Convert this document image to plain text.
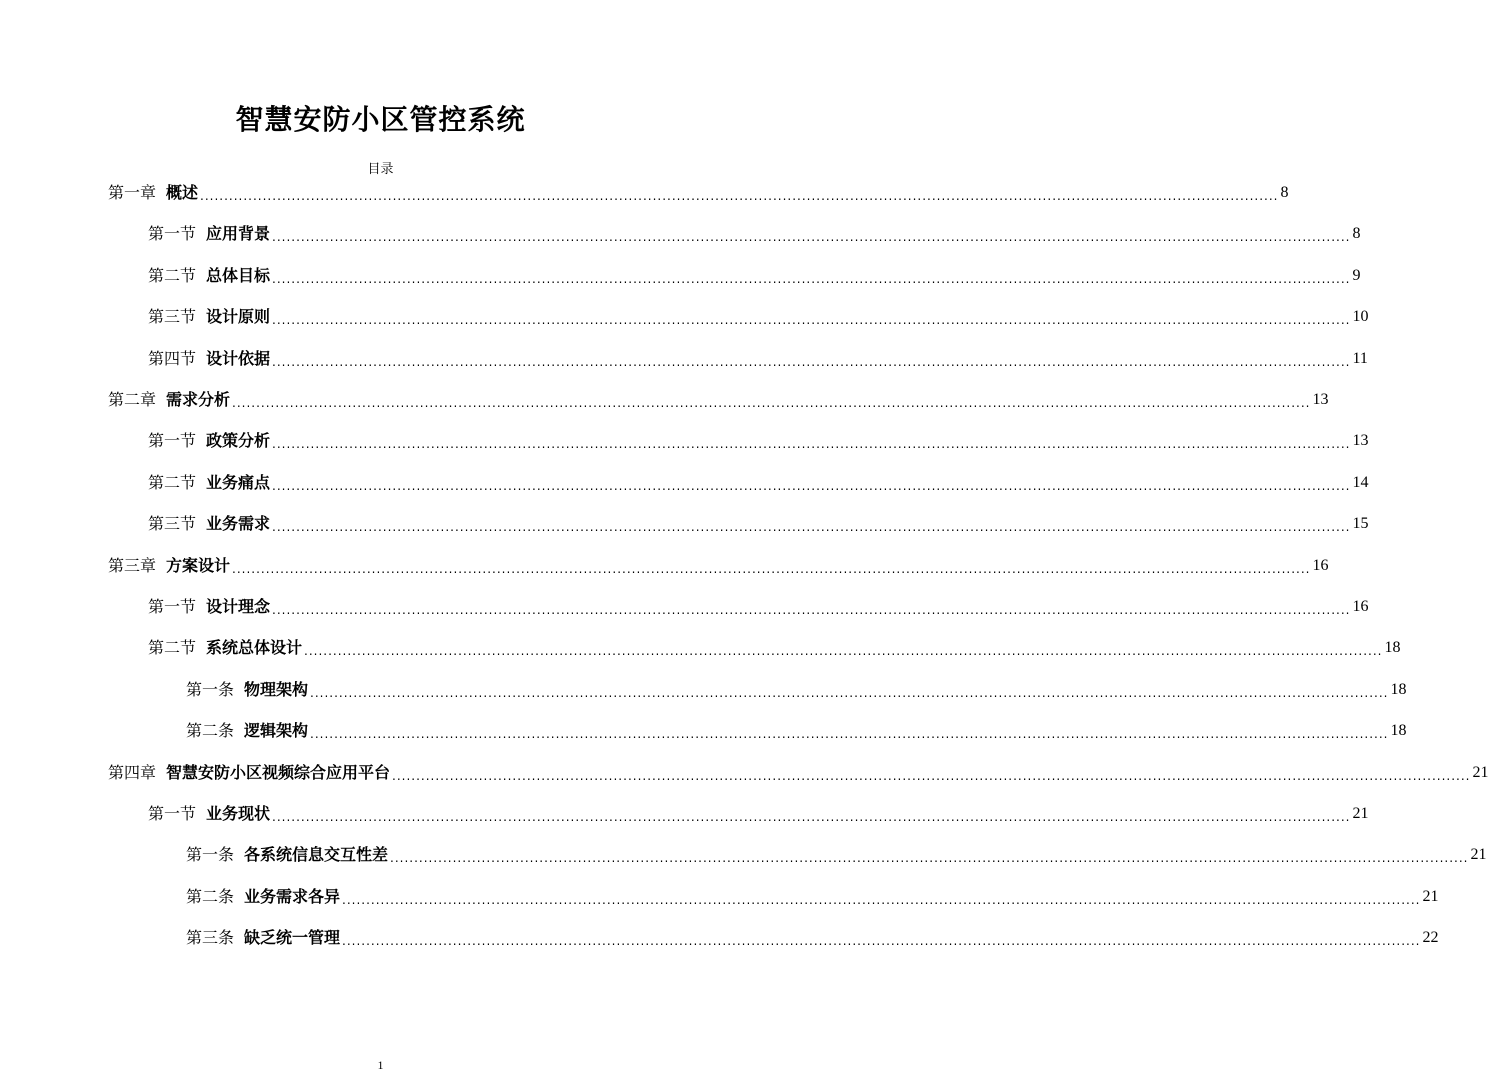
智慧安防小区管控系统
目录
第一章 概述 ................................................................................................................................................................................................................................ 8
第一节 应用背景 ................................................................................................................................................................................................................................ 8
第二节 总体目标 ................................................................................................................................................................................................................................ 9
第三节 设计原则 ................................................................................................................................................................................................................................ 10
第四节 设计依据 ................................................................................................................................................................................................................................ 11
第二章 需求分析 ................................................................................................................................................................................................................................ 13
第一节 政策分析 ................................................................................................................................................................................................................................ 13
第二节 业务痛点 ................................................................................................................................................................................................................................ 14
第三节 业务需求 ................................................................................................................................................................................................................................ 15
第三章 方案设计 ................................................................................................................................................................................................................................ 16
第一节 设计理念 ................................................................................................................................................................................................................................ 16
第二节 系统总体设计 ................................................................................................................................................................................................................................ 18
第一条 物理架构 ................................................................................................................................................................................................................................ 18
第二条 逻辑架构 ................................................................................................................................................................................................................................ 18
第四章 智慧安防小区视频综合应用平台 ................................................................................................................................................................................................................................ 21
第一节 业务现状 ................................................................................................................................................................................................................................ 21
第一条 各系统信息交互性差 ................................................................................................................................................................................................................................ 21
第二条 业务需求各异 ................................................................................................................................................................................................................................ 21
第三条 缺乏统一管理 ................................................................................................................................................................................................................................ 22
1
